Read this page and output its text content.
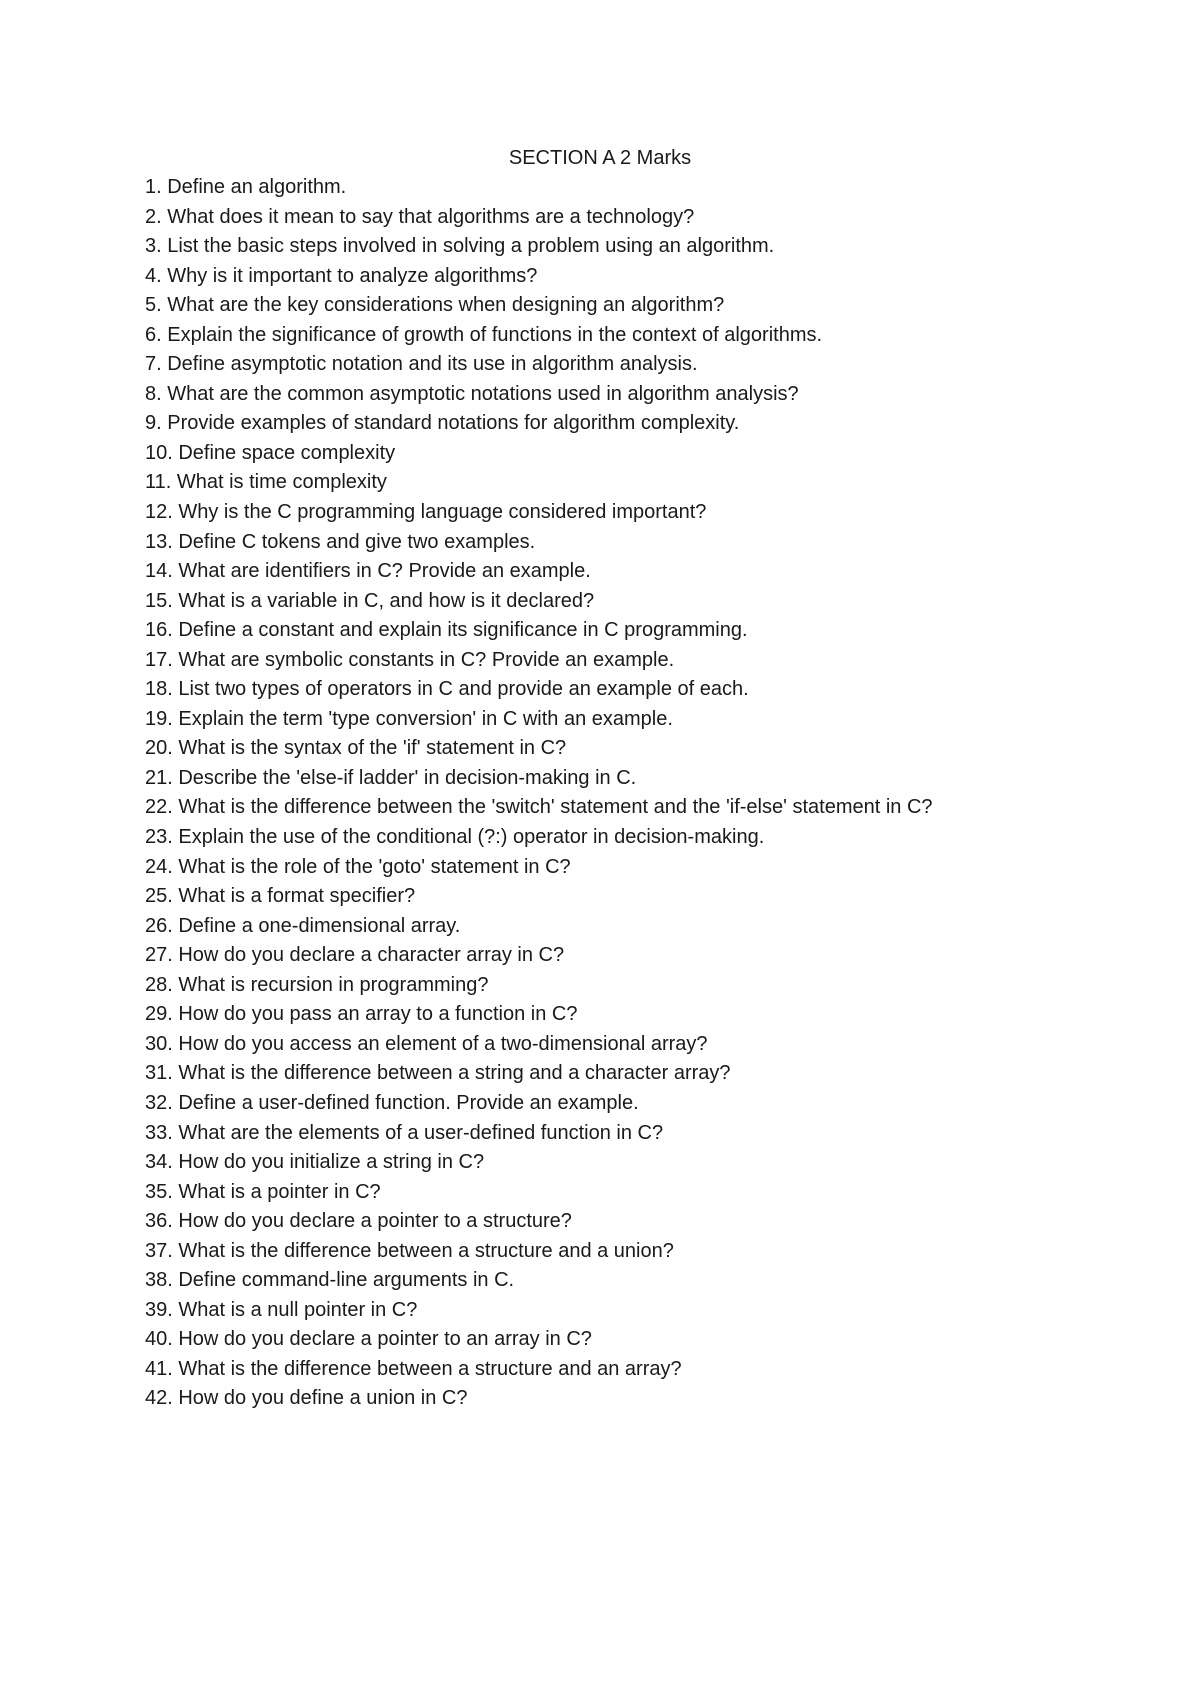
SECTION A 2 Marks
1. Define an algorithm.
2. What does it mean to say that algorithms are a technology?
3. List the basic steps involved in solving a problem using an algorithm.
4. Why is it important to analyze algorithms?
5. What are the key considerations when designing an algorithm?
6. Explain the significance of growth of functions in the context of algorithms.
7. Define asymptotic notation and its use in algorithm analysis.
8. What are the common asymptotic notations used in algorithm analysis?
9. Provide examples of standard notations for algorithm complexity.
10. Define space complexity
11. What is time complexity
12. Why is the C programming language considered important?
13. Define C tokens and give two examples.
14. What are identifiers in C? Provide an example.
15. What is a variable in C, and how is it declared?
16. Define a constant and explain its significance in C programming.
17. What are symbolic constants in C? Provide an example.
18. List two types of operators in C and provide an example of each.
19. Explain the term 'type conversion' in C with an example.
20. What is the syntax of the 'if' statement in C?
21. Describe the 'else-if ladder' in decision-making in C.
22. What is the difference between the 'switch' statement and the 'if-else' statement in C?
23. Explain the use of the conditional (?:) operator in decision-making.
24. What is the role of the 'goto' statement in C?
25. What is a format specifier?
26. Define a one-dimensional array.
27. How do you declare a character array in C?
28. What is recursion in programming?
29. How do you pass an array to a function in C?
30. How do you access an element of a two-dimensional array?
31. What is the difference between a string and a character array?
32. Define a user-defined function. Provide an example.
33. What are the elements of a user-defined function in C?
34. How do you initialize a string in C?
35. What is a pointer in C?
36. How do you declare a pointer to a structure?
37. What is the difference between a structure and a union?
38. Define command-line arguments in C.
39. What is a null pointer in C?
40. How do you declare a pointer to an array in C?
41. What is the difference between a structure and an array?
42. How do you define a union in C?
